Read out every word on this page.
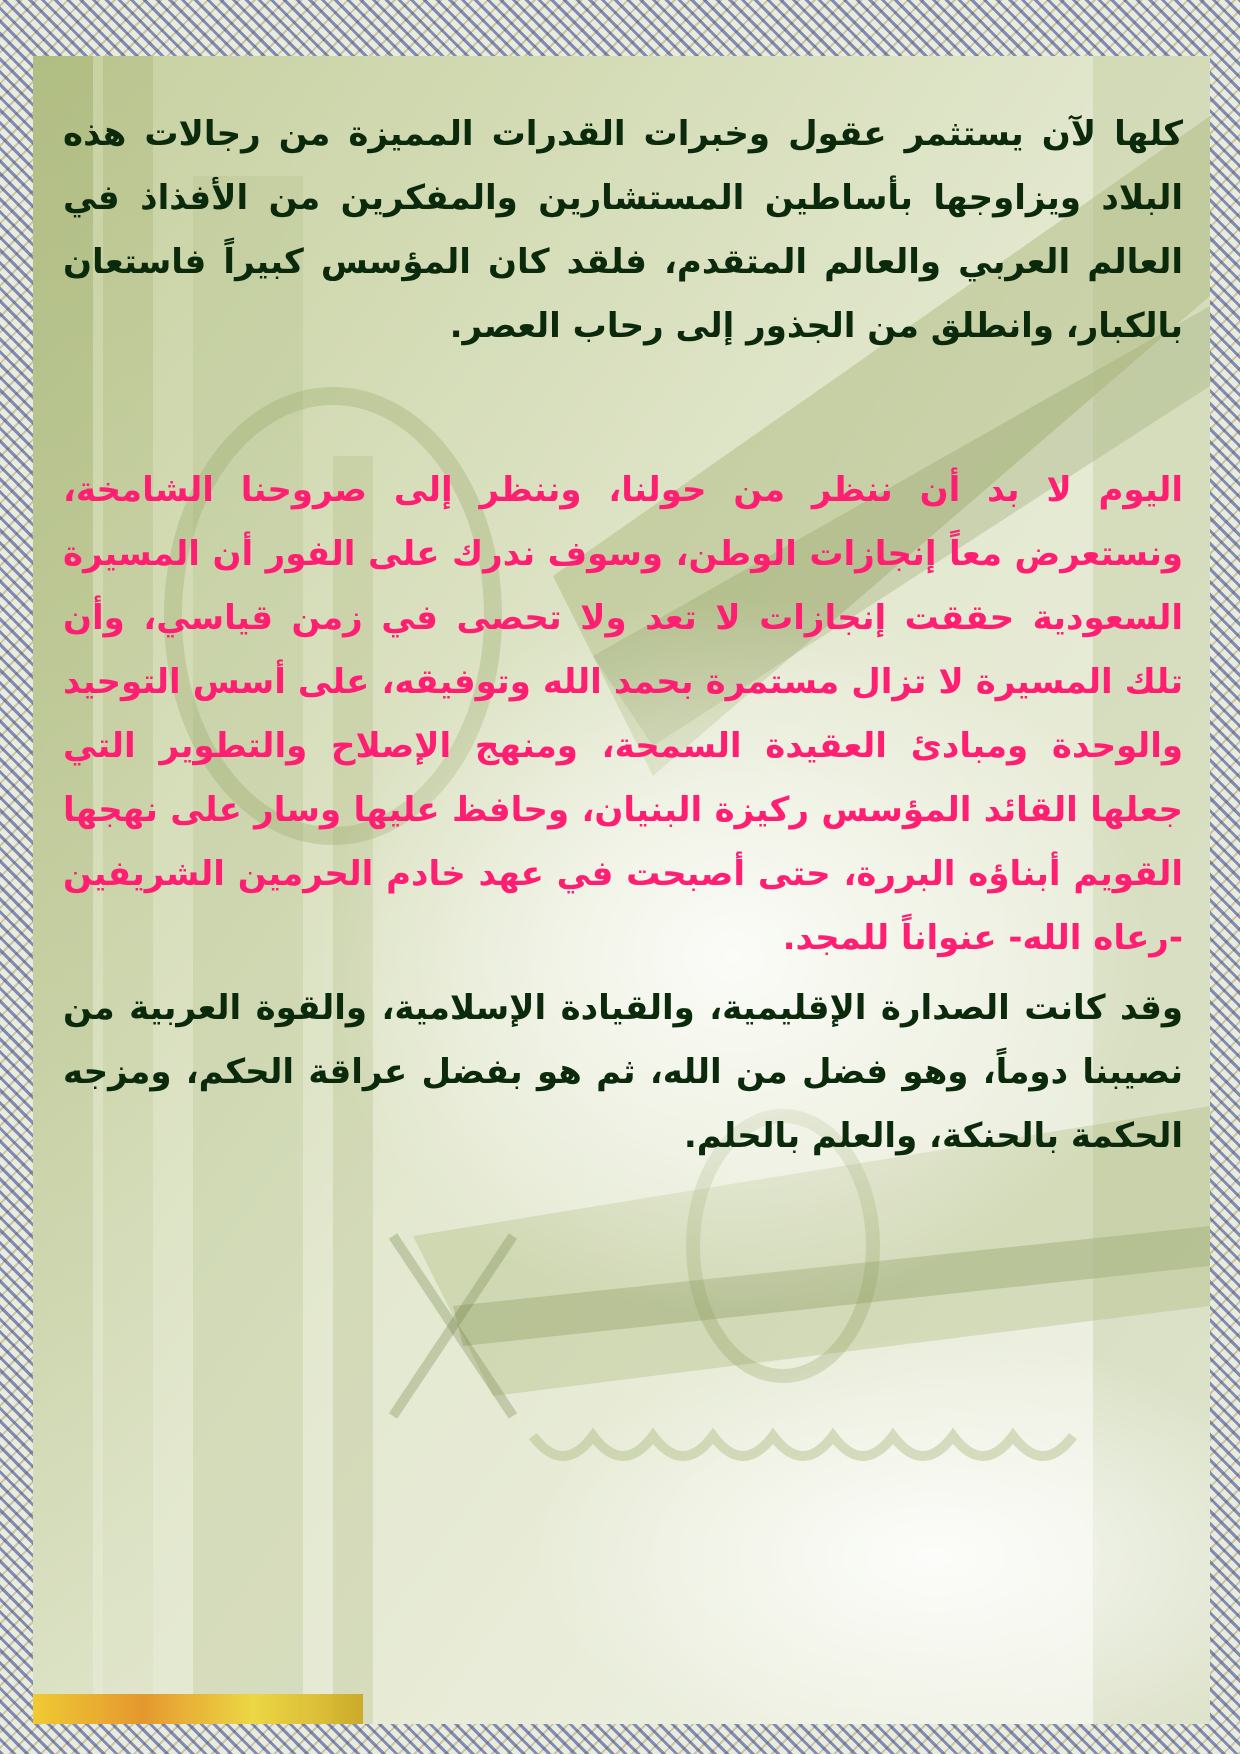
كلها لآن يستثمر عقول وخبرات القدرات المميزة من رجالات هذه البلاد ويزاوجها بأساطين المستشارين والمفكرين من الأفذاذ في العالم العربي والعالم المتقدم، فلقد كان المؤسس كبيراً فاستعان بالكبار، وانطلق من الجذور إلى رحاب العصر.

اليوم لا بد أن ننظر من حولنا، وننظر إلى صروحنا الشامخة، ونستعرض معاً إنجازات الوطن، وسوف ندرك على الفور أن المسيرة السعودية حققت إنجازات لا تعد ولا تحصى في زمن قياسي، وأن تلك المسيرة لا تزال مستمرة بحمد الله وتوفيقه، على أسس التوحيد والوحدة ومبادئ العقيدة السمحة، ومنهج الإصلاح والتطوير التي جعلها القائد المؤسس ركيزة البنيان، وحافظ عليها وسار على نهجها القويم أبناؤه البررة، حتى أصبحت في عهد خادم الحرمين الشريفين -رعاه الله- عنواناً للمجد.

وقد كانت الصدارة الإقليمية، والقيادة الإسلامية، والقوة العربية من نصيبنا دوماً، وهو فضل من الله، ثم هو بفضل عراقة الحكم، ومزجه الحكمة بالحنكة، والعلم بالحلم.
